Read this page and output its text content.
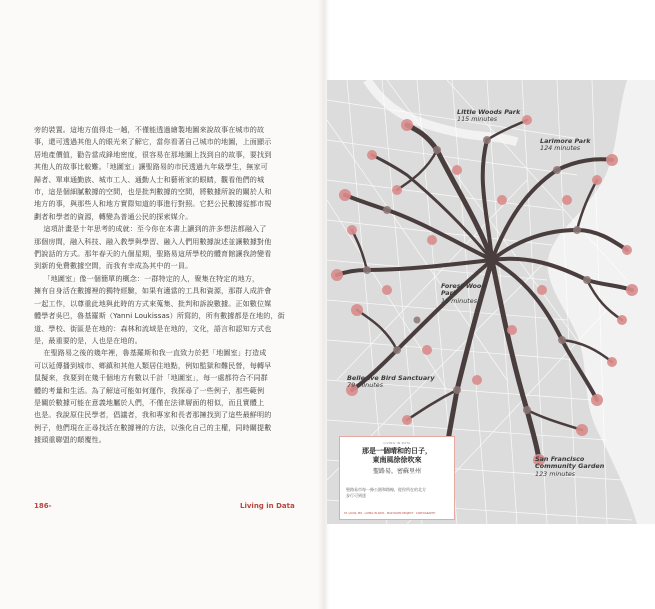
旁的裝置。這地方值得走一趟，不僅能透過繪製地圖來說故事在城市的故

事，還可透過其他人的眼光來了解它，當你看著自己城市的地圖，上面顯示

居地產價值，勸告當成鋒地密度，很容易在那地圖上找到自的故事，要找到

其他人的故事比較難。「地圖室」讓聖路易的市民透過九年級學生，無家可

歸者、單車通勤族、城市工人、通勤人士和藝術家的眼睛，觀看他們的城

市，這是個細膩數據的空間，也是批判數據的空間，將數據所說的關於人和

地方的事，與那些人和地方實際知道的事進行對照。它把公民數據從都市規

劃者和學者的資源，轉變為普通公民的探索媒介。

這項計畫是十年思考的成就：至今你在本書上讀到的許多想法都融入了

那個房間，融入科技、融入教學與學習、融入人們用數據說述並讓數據對他

們說話的方式。那年春天的九個星期，聖路易這所學校的體育館讓我誇變看

到新的免費數據空間，而我有幸成為其中的一員。

「地圖室」像一個簡單的概念：一群特定的人，聚集在特定的地方，

擁有自身活在數據裡的獨特經驗，如果有適當的工具和資源，那群人成許會

一起工作，以尊重此地與此時的方式來蒐集、批判和訴說數據。正如數位媒

體學者吳巴，魯基羅斯（Yanni Loukissas）所寫的，所有數據都是在地的，街

道、學校、街區是在地的：森林和流域是在地的，文化，語言和認知方式也

是，最重要的是，人也是在地的。

在聖路易之後的幾年裡，魯基羅斯和我一直致力於把「地圖室」打造成

可以延傳播到城市、鄉鎮和其他人類居住地點，例如監獄和難民營，每轉早

鼠擬來，我要到在幾千個地方有數以千計「地圖室」，每一處都符合不同群

體的考量和生活。為了解這可能如何運作，我探尋了一些例子，那些範例

是關於數據可能在意義地屬於人們，不僅在法律層面的相似，而且實體上

也是。我說原住民學者，倡議者，我和專家和長者那擁找到了這些最鮮明的

例子，他們現在正尋找活在數據裡的方法，以強化自己的主權，同時關提數

據頭重聯盟的顛覆性。

186-	Living in Data
Little Woods Park
115 minutes
Larimore Park
124 minutes
Forest Wood
Park
15 minutes
Bellerive Bird Sanctuary
79 minutes
San Francisco
Community Garden
123 minutes
LIVING IN DATA
那是一個晴和的日子，
東南風徐徐吹來
聖路易，密蘇里州
聖路易市每一條公園和路線，從你所在的北方
步行可到達
ST. LOUIS, MO · LIVING IN DATA · MAP ROOM PROJECT · CARTOGRAPHY
